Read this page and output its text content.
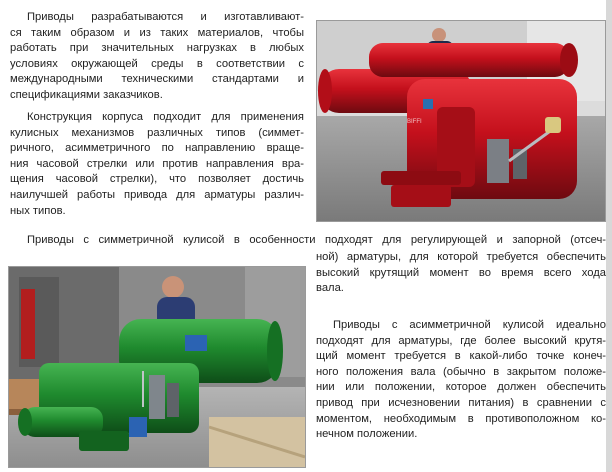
Приводы разрабатываются и изготавливают-
ся таким образом и из таких материалов, чтобы
работать при значительных нагрузках в любых
условиях окружающей среды в соответствии с
международными техническими стандартами и
спецификациями заказчиков.
Конструкция корпуса подходит для применения
кулисных механизмов различных типов (симмет-
ричного, асимметричного по направлению враще-
ния часовой стрелки или против направления вра-
щения часовой стрелки), что позволяет достичь
наилучшей работы привода для арматуры различ-
ных типов.
Приводы с симметричной кулисой в особенности подходят для регулирующей и запорной (отсеч-
ной) арматуры, для которой требуется обеспечить
высокий крутящий момент во время всего хода
вала.
Приводы с асимметричной кулисой идеально
подходят для арматуры, где более высокий крутя-
щий момент требуется в какой-либо точке конеч-
ного положения вала (обычно в закрытом положе-
нии или положении, которое должен обеспечить
привод при исчезновении питания) в сравнении с
моментом, необходимым в противоположном ко-
нечном положении.
BIFFI
